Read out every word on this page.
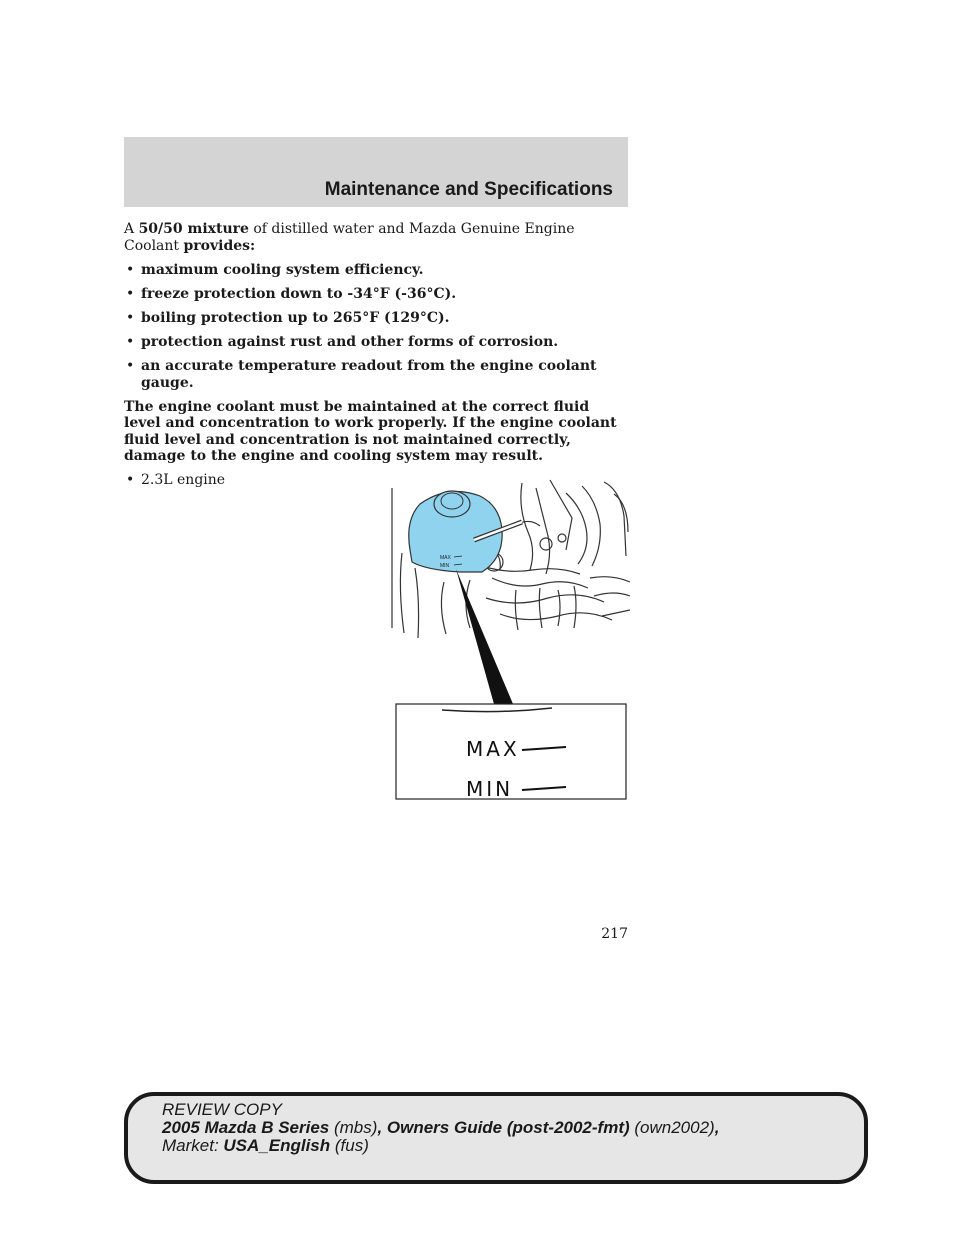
Maintenance and Specifications

A 50/50 mixture of distilled water and Mazda Genuine Engine Coolant provides:

• maximum cooling system efficiency.
• freeze protection down to -34°F (-36°C).
• boiling protection up to 265°F (129°C).
• protection against rust and other forms of corrosion.
• an accurate temperature readout from the engine coolant gauge.

The engine coolant must be maintained at the correct fluid level and concentration to work properly. If the engine coolant fluid level and concentration is not maintained correctly, damage to the engine and cooling system may result.

• 2.3L engine

MAX
MIN
MAX
MIN
217
REVIEW COPY
2005 Mazda B Series (mbs), Owners Guide (post-2002-fmt) (own2002),
Market: USA_English (fus)
